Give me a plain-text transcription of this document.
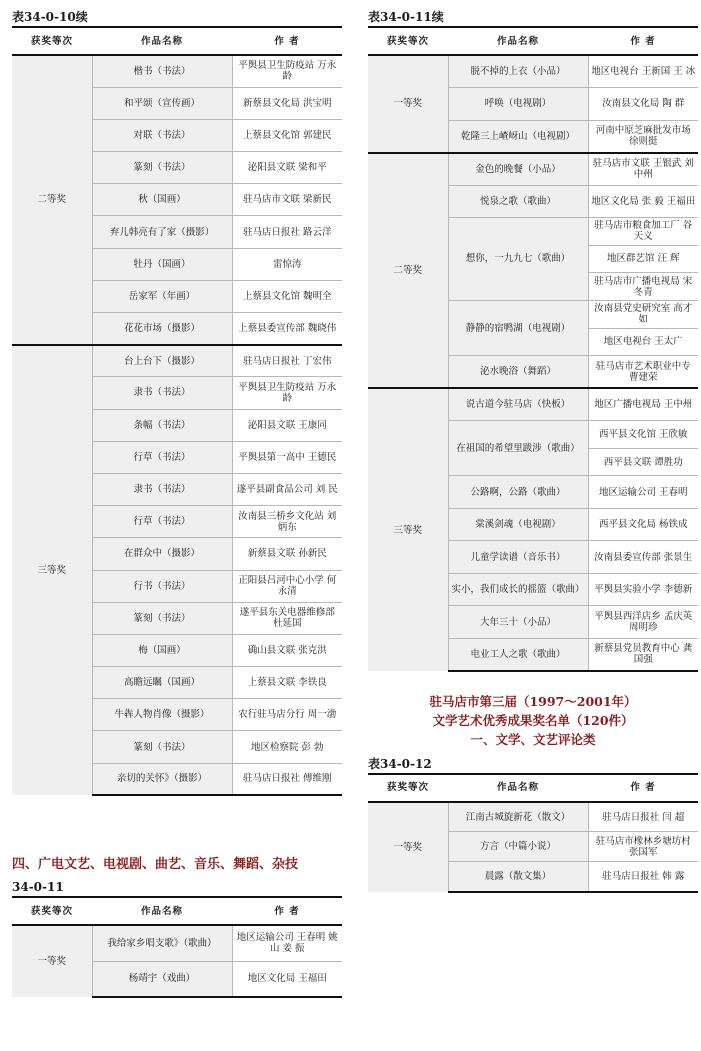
表34-0-10续
获奖等次	作品名称	作 者
二等奖	楷书（书法）	平舆县卫生防疫站 万永龄
	和平颂（宣传画）	新蔡县文化局 洪宝明
	对联（书法）	上蔡县文化馆 郭建民
	篆刻（书法）	泌阳县文联 梁和平
	秋（国画）	驻马店市文联 梁新民
	弃儿韩亮有了家（摄影）	驻马店日报社 路云洋
	牡丹（国画）	雷惊涛
	岳家军（年画）	上蔡县文化馆 魏明全
	花花市场（摄影）	上蔡县委宣传部 魏晓伟
三等奖	台上台下（摄影）	驻马店日报社 丁宏伟
	隶书（书法）	平舆县卫生防疫站 万永龄
	条幅（书法）	泌阳县文联 王康同
	行草（书法）	平舆县第一高中 王德民
	隶书（书法）	遂平县副食品公司 刘 民
	行草（书法）	汝南县三桥乡文化站 刘炳东
	在群众中（摄影）	新蔡县文联 孙新民
	行书（书法）	正阳县吕河中心小学 何永清
	篆刻（书法）	遂平县东关电器维修部 杜延国
	梅（国画）	确山县文联 张克洪
	高瞻远瞩（国画）	上蔡县文联 李铁良
	牛犇人物肖像（摄影）	农行驻马店分行 周一渤
	篆刻（书法）	地区检察院 彭 勃
	亲切的关怀》（摄影）	驻马店日报社 傅维刚
四、广电文艺、电视剧、曲艺、音乐、舞蹈、杂技
34-0-11
获奖等次	作品名称	作 者
一等奖	我给家乡唱支歌》（歌曲）	地区运输公司 王春明 姚 山 姜 振
	杨靖宇（戏曲）	地区文化局 王福田
表34-0-11续
获奖等次	作品名称	作 者
一等奖	脱不掉的上衣（小品）	地区电视台 王新国 王 冰
	呼唤（电视剧）	汝南县文化局 陶 群
	乾隆三上嵖岈山（电视剧）	河南中原芝麻批发市场 徐则挺
二等奖	金色的晚餐（小品）	驻马店市文联 王银武 刘中州
	悦泉之歌（歌曲）	地区文化局 张 毅 王福田
	想你，一九九七（歌曲）	驻马店市粮食加工厂 谷天义
		地区群艺馆 汪 辉
		驻马店市广播电视局 宋冬青
	静静的宿鸭湖（电视剧）	汝南县党史研究室 高才如
		地区电视台 王太广
	泌水晚浴（舞蹈）	驻马店市艺术职业中专 曹建荣
三等奖	说古道今驻马店（快板）	地区广播电视局 王中州
	在祖国的希望里跋涉（歌曲）	西平县文化馆 王欣敏
		西平县文联 谭胜功
	公路啊，公路（歌曲）	地区运输公司 王春明
	棠溪剑魂（电视剧）	西平县文化局 杨铁成
	儿童学读谱（音乐书）	汝南县委宣传部 张景生
	实小，我们成长的摇篮（歌曲）	平舆县实验小学 李德新
	大年三十（小品）	平舆县西洋店乡 孟庆英 周明珍
	电业工人之歌（歌曲）	新蔡县党员教育中心 龚国强
驻马店市第三届（1997～2001年）
文学艺术优秀成果奖名单（120件）
一、文学、文艺评论类
表34-0-12
获奖等次	作品名称	作 者
一等奖	江南古城旋新花（散文）	驻马店日报社 闫 超
	方言（中篇小说）	驻马店市橡林乡塘坊村 张国军
	晨露（散文集）	驻马店日报社 韩 露
